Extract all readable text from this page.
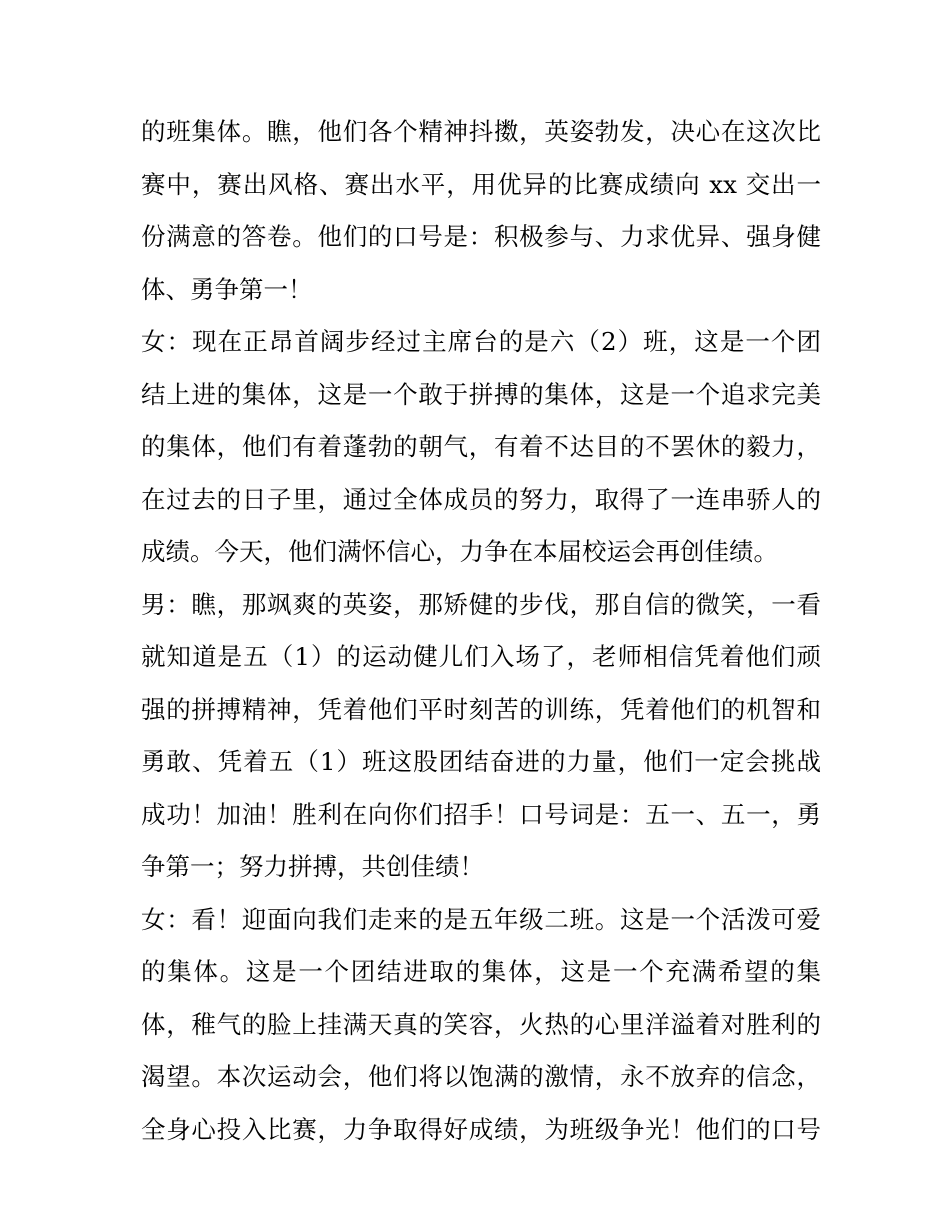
的班集体。瞧，他们各个精神抖擞，英姿勃发，决心在这次比
赛中，赛出风格、赛出水平，用优异的比赛成绩向 xx 交出一
份满意的答卷。他们的口号是：积极参与、力求优异、强身健
体、勇争第一！
女：现在正昂首阔步经过主席台的是六（2）班，这是一个团
结上进的集体，这是一个敢于拼搏的集体，这是一个追求完美
的集体，他们有着蓬勃的朝气，有着不达目的不罢休的毅力，
在过去的日子里，通过全体成员的努力，取得了一连串骄人的
成绩。今天，他们满怀信心，力争在本届校运会再创佳绩。
男：瞧，那飒爽的英姿，那矫健的步伐，那自信的微笑，一看
就知道是五（1）的运动健儿们入场了，老师相信凭着他们顽
强的拼搏精神，凭着他们平时刻苦的训练，凭着他们的机智和
勇敢、凭着五（1）班这股团结奋进的力量，他们一定会挑战
成功！加油！胜利在向你们招手！口号词是：五一、五一，勇
争第一；努力拼搏，共创佳绩！
女：看！迎面向我们走来的是五年级二班。这是一个活泼可爱
的集体。这是一个团结进取的集体，这是一个充满希望的集
体，稚气的脸上挂满天真的笑容，火热的心里洋溢着对胜利的
渴望。本次运动会，他们将以饱满的激情，永不放弃的信念，
全身心投入比赛，力争取得好成绩，为班级争光！他们的口号
